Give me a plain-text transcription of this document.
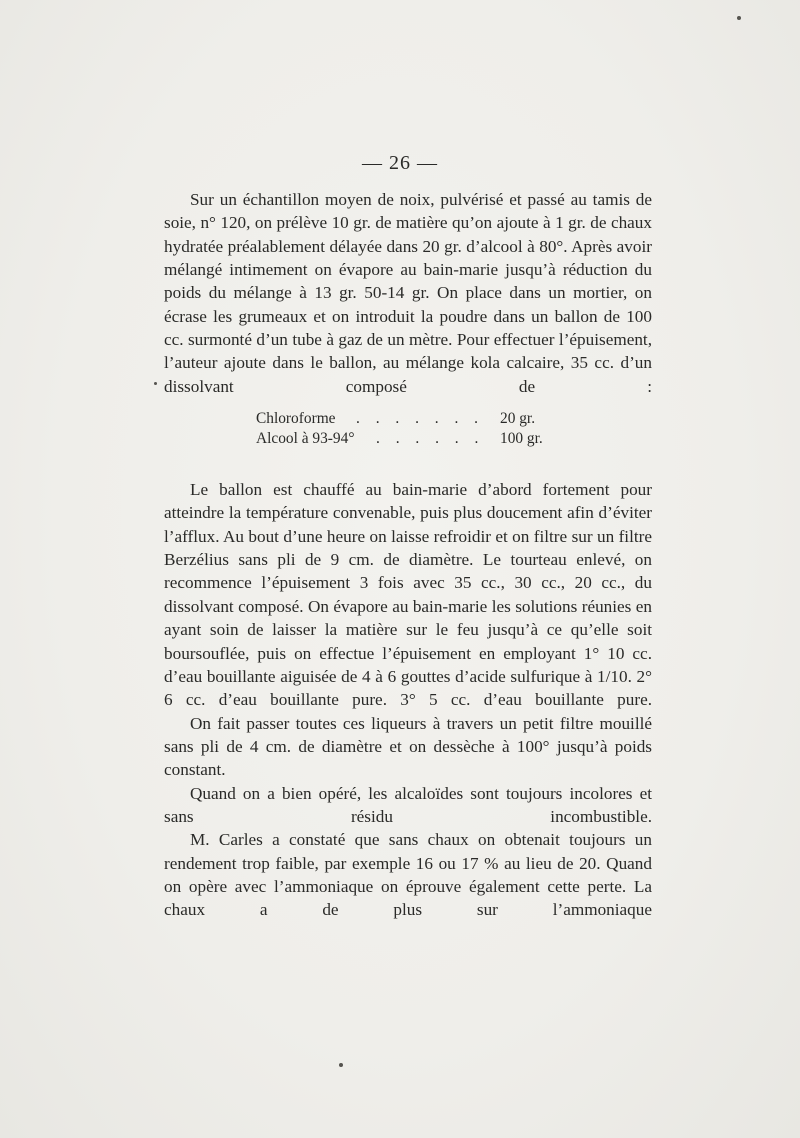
— 26 —

Sur un échantillon moyen de noix, pulvérisé et passé au tamis de soie, n° 120, on prélève 10 gr. de matière qu’on ajoute à 1 gr. de chaux hydratée préalablement délayée dans 20 gr. d’alcool à 80°. Après avoir mélangé intimement on évapore au bain-marie jusqu’à réduction du poids du mélange à 13 gr. 50-14 gr. On place dans un mortier, on écrase les grumeaux et on introduit la poudre dans un ballon de 100 cc. surmonté d’un tube à gaz de un mètre. Pour effectuer l’épuisement, l’auteur ajoute dans le ballon, au mélange kola calcaire, 35 cc. d’un dissolvant composé de :

Chloroforme . . . . . . . 20 gr.
Alcool à 93-94° . . . . . . 100 gr.

Le ballon est chauffé au bain-marie d’abord fortement pour atteindre la température convenable, puis plus doucement afin d’éviter l’afflux. Au bout d’une heure on laisse refroidir et on filtre sur un filtre Berzélius sans pli de 9 cm. de diamètre. Le tourteau enlevé, on recommence l’épuisement 3 fois avec 35 cc., 30 cc., 20 cc., du dissolvant composé. On évapore au bain-marie les solutions réunies en ayant soin de laisser la matière sur le feu jusqu’à ce qu’elle soit boursouflée, puis on effectue l’épuisement en employant 1° 10 cc. d’eau bouillante aiguisée de 4 à 6 gouttes d’acide sulfurique à 1/10. 2° 6 cc. d’eau bouillante pure. 3° 5 cc. d’eau bouillante pure.

On fait passer toutes ces liqueurs à travers un petit filtre mouillé sans pli de 4 cm. de diamètre et on dessèche à 100° jusqu’à poids constant.

Quand on a bien opéré, les alcaloïdes sont toujours incolores et sans résidu incombustible.

M. Carles a constaté que sans chaux on obtenait toujours un rendement trop faible, par exemple 16 ou 17 % au lieu de 20. Quand on opère avec l’ammoniaque on éprouve également cette perte. La chaux a de plus sur l’ammoniaque
